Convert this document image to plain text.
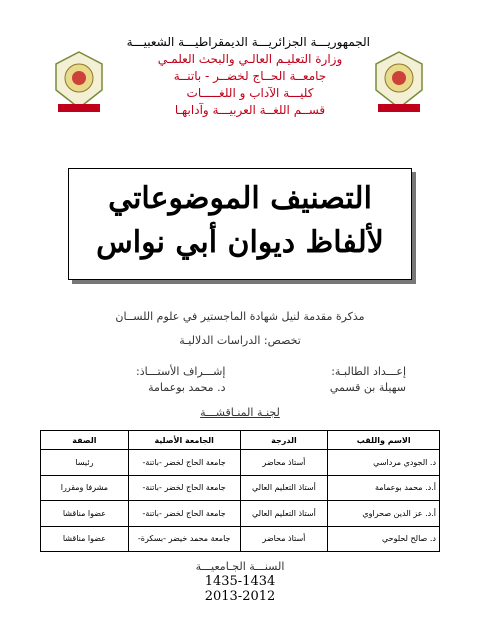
الجمهوريـــة الجزائريـــة الديمقراطيـــة الشعبيـــة
وزارة التعليـم العالـي والبحث العلمـي
جامعــة الحــاج لخضــر - باتنــة
كليـــة الآداب و اللغـــــات
قســم اللغــة العربيـــة وآدابهـا
التصنيف الموضوعاتي
لألفاظ ديوان أبي نواس
مذكرة مقدمة لنيل شهادة الماجستير في علوم اللســان
تخصص: الدراسات الدلاليـة
إعـــداد الطالبـة:
سهيلة بن قسمي
إشـــراف الأستـــاذ:
د. محمد بوعمامة
لجنـة المنـاقشـــة
الاسم واللقب	الدرجة	الجامعة الأصلية	الصفة
د. الجودي مرداسي	أستاذ محاضر	جامعة الحاج لخضر -باتنة-	رئيسا
أ.د. محمد بوعمامة	أستاذ التعليم العالي	جامعة الحاج لخضر -باتنة-	مشرفا ومقررا
أ.د. عز الدين صحراوي	أستاذ التعليم العالي	جامعة الحاج لخضر -باتنة-	عضوا مناقشا
د. صالح لحلوحي	أستاذ محاضر	جامعة محمد خيضر -بسكرة-	عضوا مناقشا
السنـــة الجـامعيـــة
1435-1434
2013-2012
